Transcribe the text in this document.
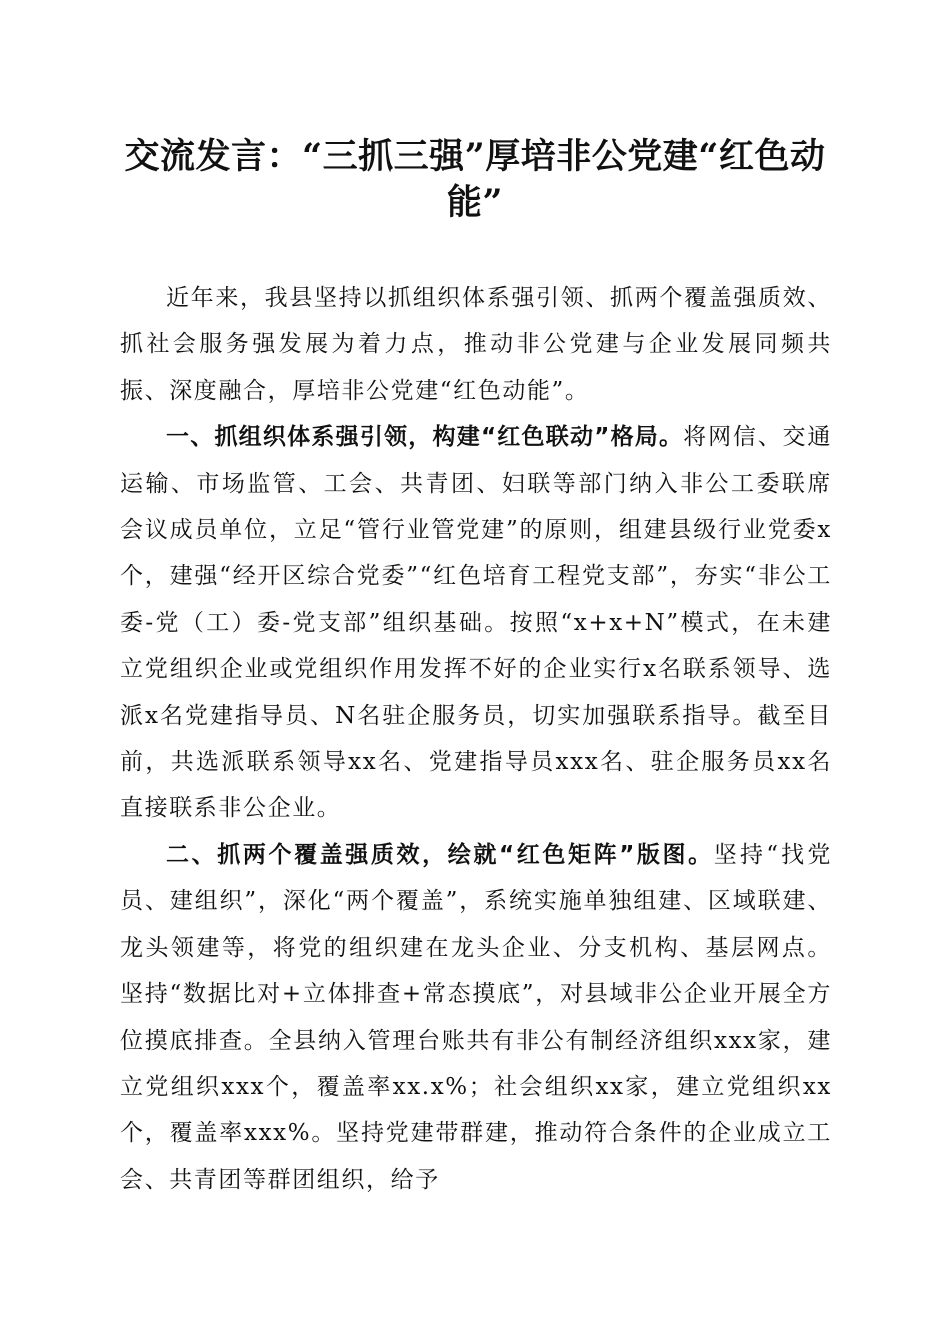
交流发言：“三抓三强”厚培非公党建“红色动能”

近年来，我县坚持以抓组织体系强引领、抓两个覆盖强质效、抓社会服务强发展为着力点，推动非公党建与企业发展同频共振、深度融合，厚培非公党建“红色动能”。

一、抓组织体系强引领，构建“红色联动”格局。将网信、交通运输、市场监管、工会、共青团、妇联等部门纳入非公工委联席会议成员单位，立足“管行业管党建”的原则，组建县级行业党委x个，建强“经开区综合党委”“红色培育工程党支部”，夯实“非公工委-党（工）委-党支部”组织基础。按照“x+x+N”模式，在未建立党组织企业或党组织作用发挥不好的企业实行x名联系领导、选派x名党建指导员、N名驻企服务员，切实加强联系指导。截至目前，共选派联系领导xx名、党建指导员xxx名、驻企服务员xx名直接联系非公企业。

二、抓两个覆盖强质效，绘就“红色矩阵”版图。坚持“找党员、建组织”，深化“两个覆盖”，系统实施单独组建、区域联建、龙头领建等，将党的组织建在龙头企业、分支机构、基层网点。坚持“数据比对+立体排查+常态摸底”，对县域非公企业开展全方位摸底排查。全县纳入管理台账共有非公有制经济组织xxx家，建立党组织xxx个，覆盖率xx.x%；社会组织xx家，建立党组织xx个，覆盖率xxx%。坚持党建带群建，推动符合条件的企业成立工会、共青团等群团组织，给予
